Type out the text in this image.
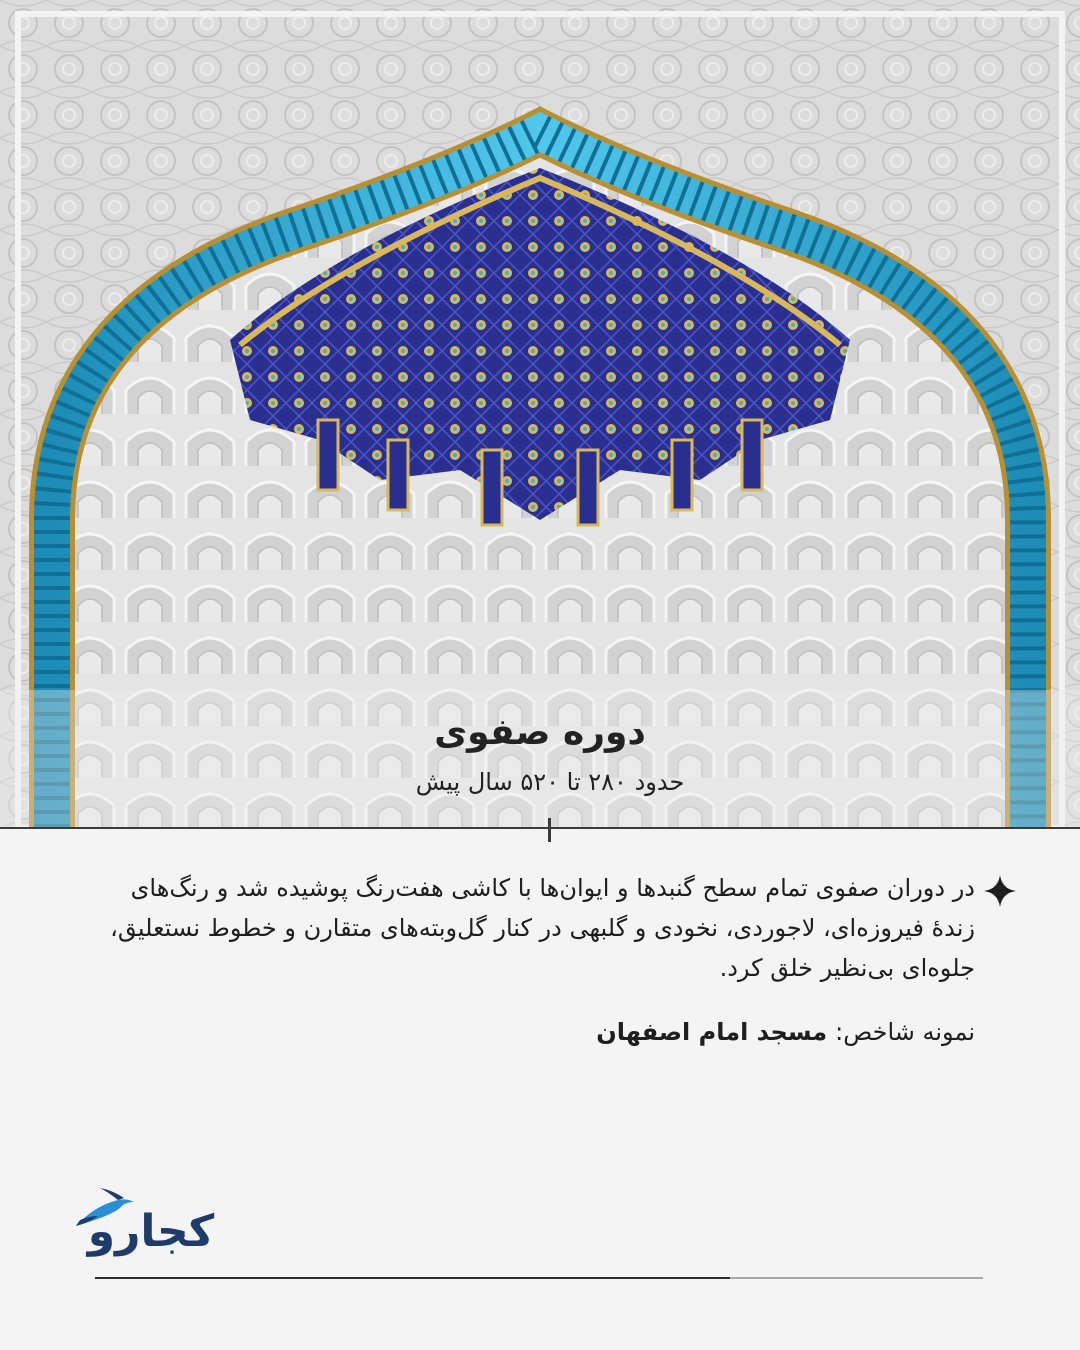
دوره صفوی
حدود ۲۸۰ تا ۵۲۰ سال پیش
در دوران صفوی تمام سطح گنبدها و ایوان‌ها با کاشی هفت‌رنگ پوشیده شد و رنگ‌های زندهٔ فیروزه‌ای، لاجوردی، نخودی و گلبهی در کنار گل‌وبته‌های متقارن و خطوط نستعلیق، جلوه‌ای بی‌نظیر خلق کرد.
نمونه شاخص:مسجد امام اصفهان
کجارو
